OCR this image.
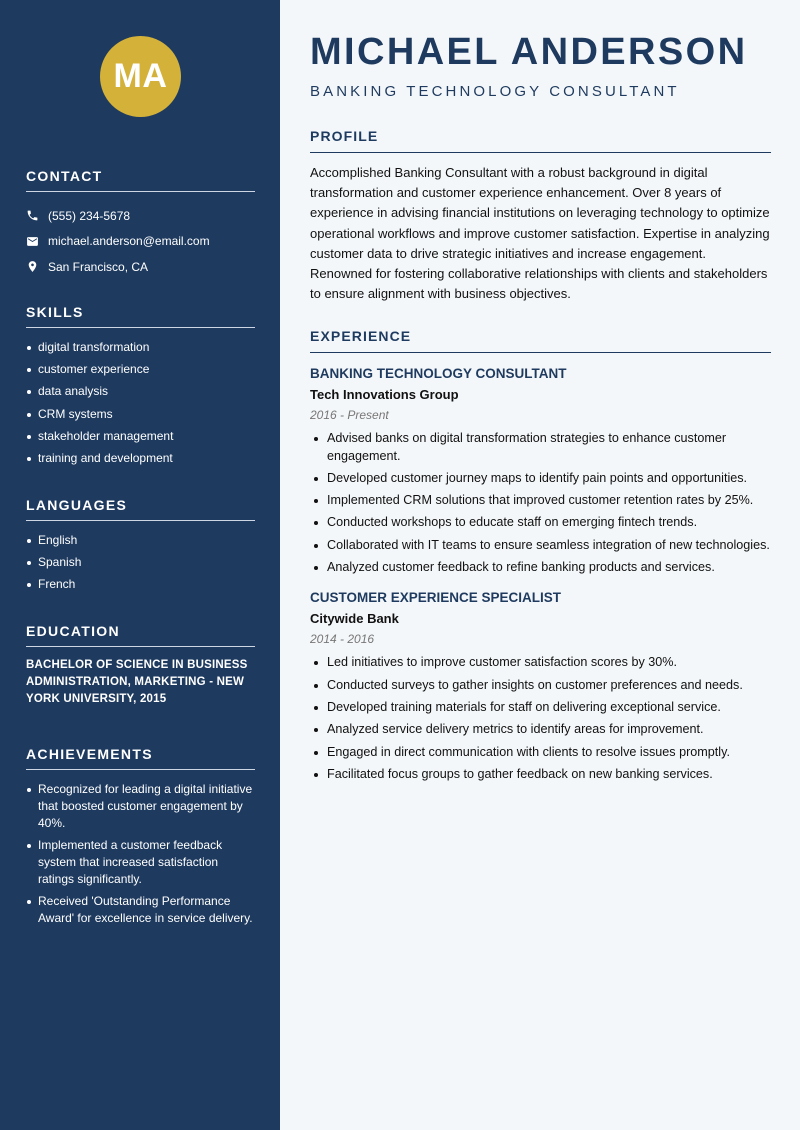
MA
CONTACT
(555) 234-5678
michael.anderson@email.com
San Francisco, CA
SKILLS
digital transformation
customer experience
data analysis
CRM systems
stakeholder management
training and development
LANGUAGES
English
Spanish
French
EDUCATION

BACHELOR OF SCIENCE IN BUSINESS ADMINISTRATION, MARKETING - NEW YORK UNIVERSITY, 2015

ACHIEVEMENTS
Recognized for leading a digital initiative that boosted customer engagement by 40%.
Implemented a customer feedback system that increased satisfaction ratings significantly.
Received 'Outstanding Performance Award' for excellence in service delivery.
MICHAEL ANDERSON
BANKING TECHNOLOGY CONSULTANT
PROFILE

Accomplished Banking Consultant with a robust background in digital transformation and customer experience enhancement. Over 8 years of experience in advising financial institutions on leveraging technology to optimize operational workflows and improve customer satisfaction. Expertise in analyzing customer data to drive strategic initiatives and increase engagement. Renowned for fostering collaborative relationships with clients and stakeholders to ensure alignment with business objectives.

EXPERIENCE
BANKING TECHNOLOGY CONSULTANT
Tech Innovations Group
2016 - Present
Advised banks on digital transformation strategies to enhance customer engagement.
Developed customer journey maps to identify pain points and opportunities.
Implemented CRM solutions that improved customer retention rates by 25%.
Conducted workshops to educate staff on emerging fintech trends.
Collaborated with IT teams to ensure seamless integration of new technologies.
Analyzed customer feedback to refine banking products and services.
CUSTOMER EXPERIENCE SPECIALIST
Citywide Bank
2014 - 2016
Led initiatives to improve customer satisfaction scores by 30%.
Conducted surveys to gather insights on customer preferences and needs.
Developed training materials for staff on delivering exceptional service.
Analyzed service delivery metrics to identify areas for improvement.
Engaged in direct communication with clients to resolve issues promptly.
Facilitated focus groups to gather feedback on new banking services.
